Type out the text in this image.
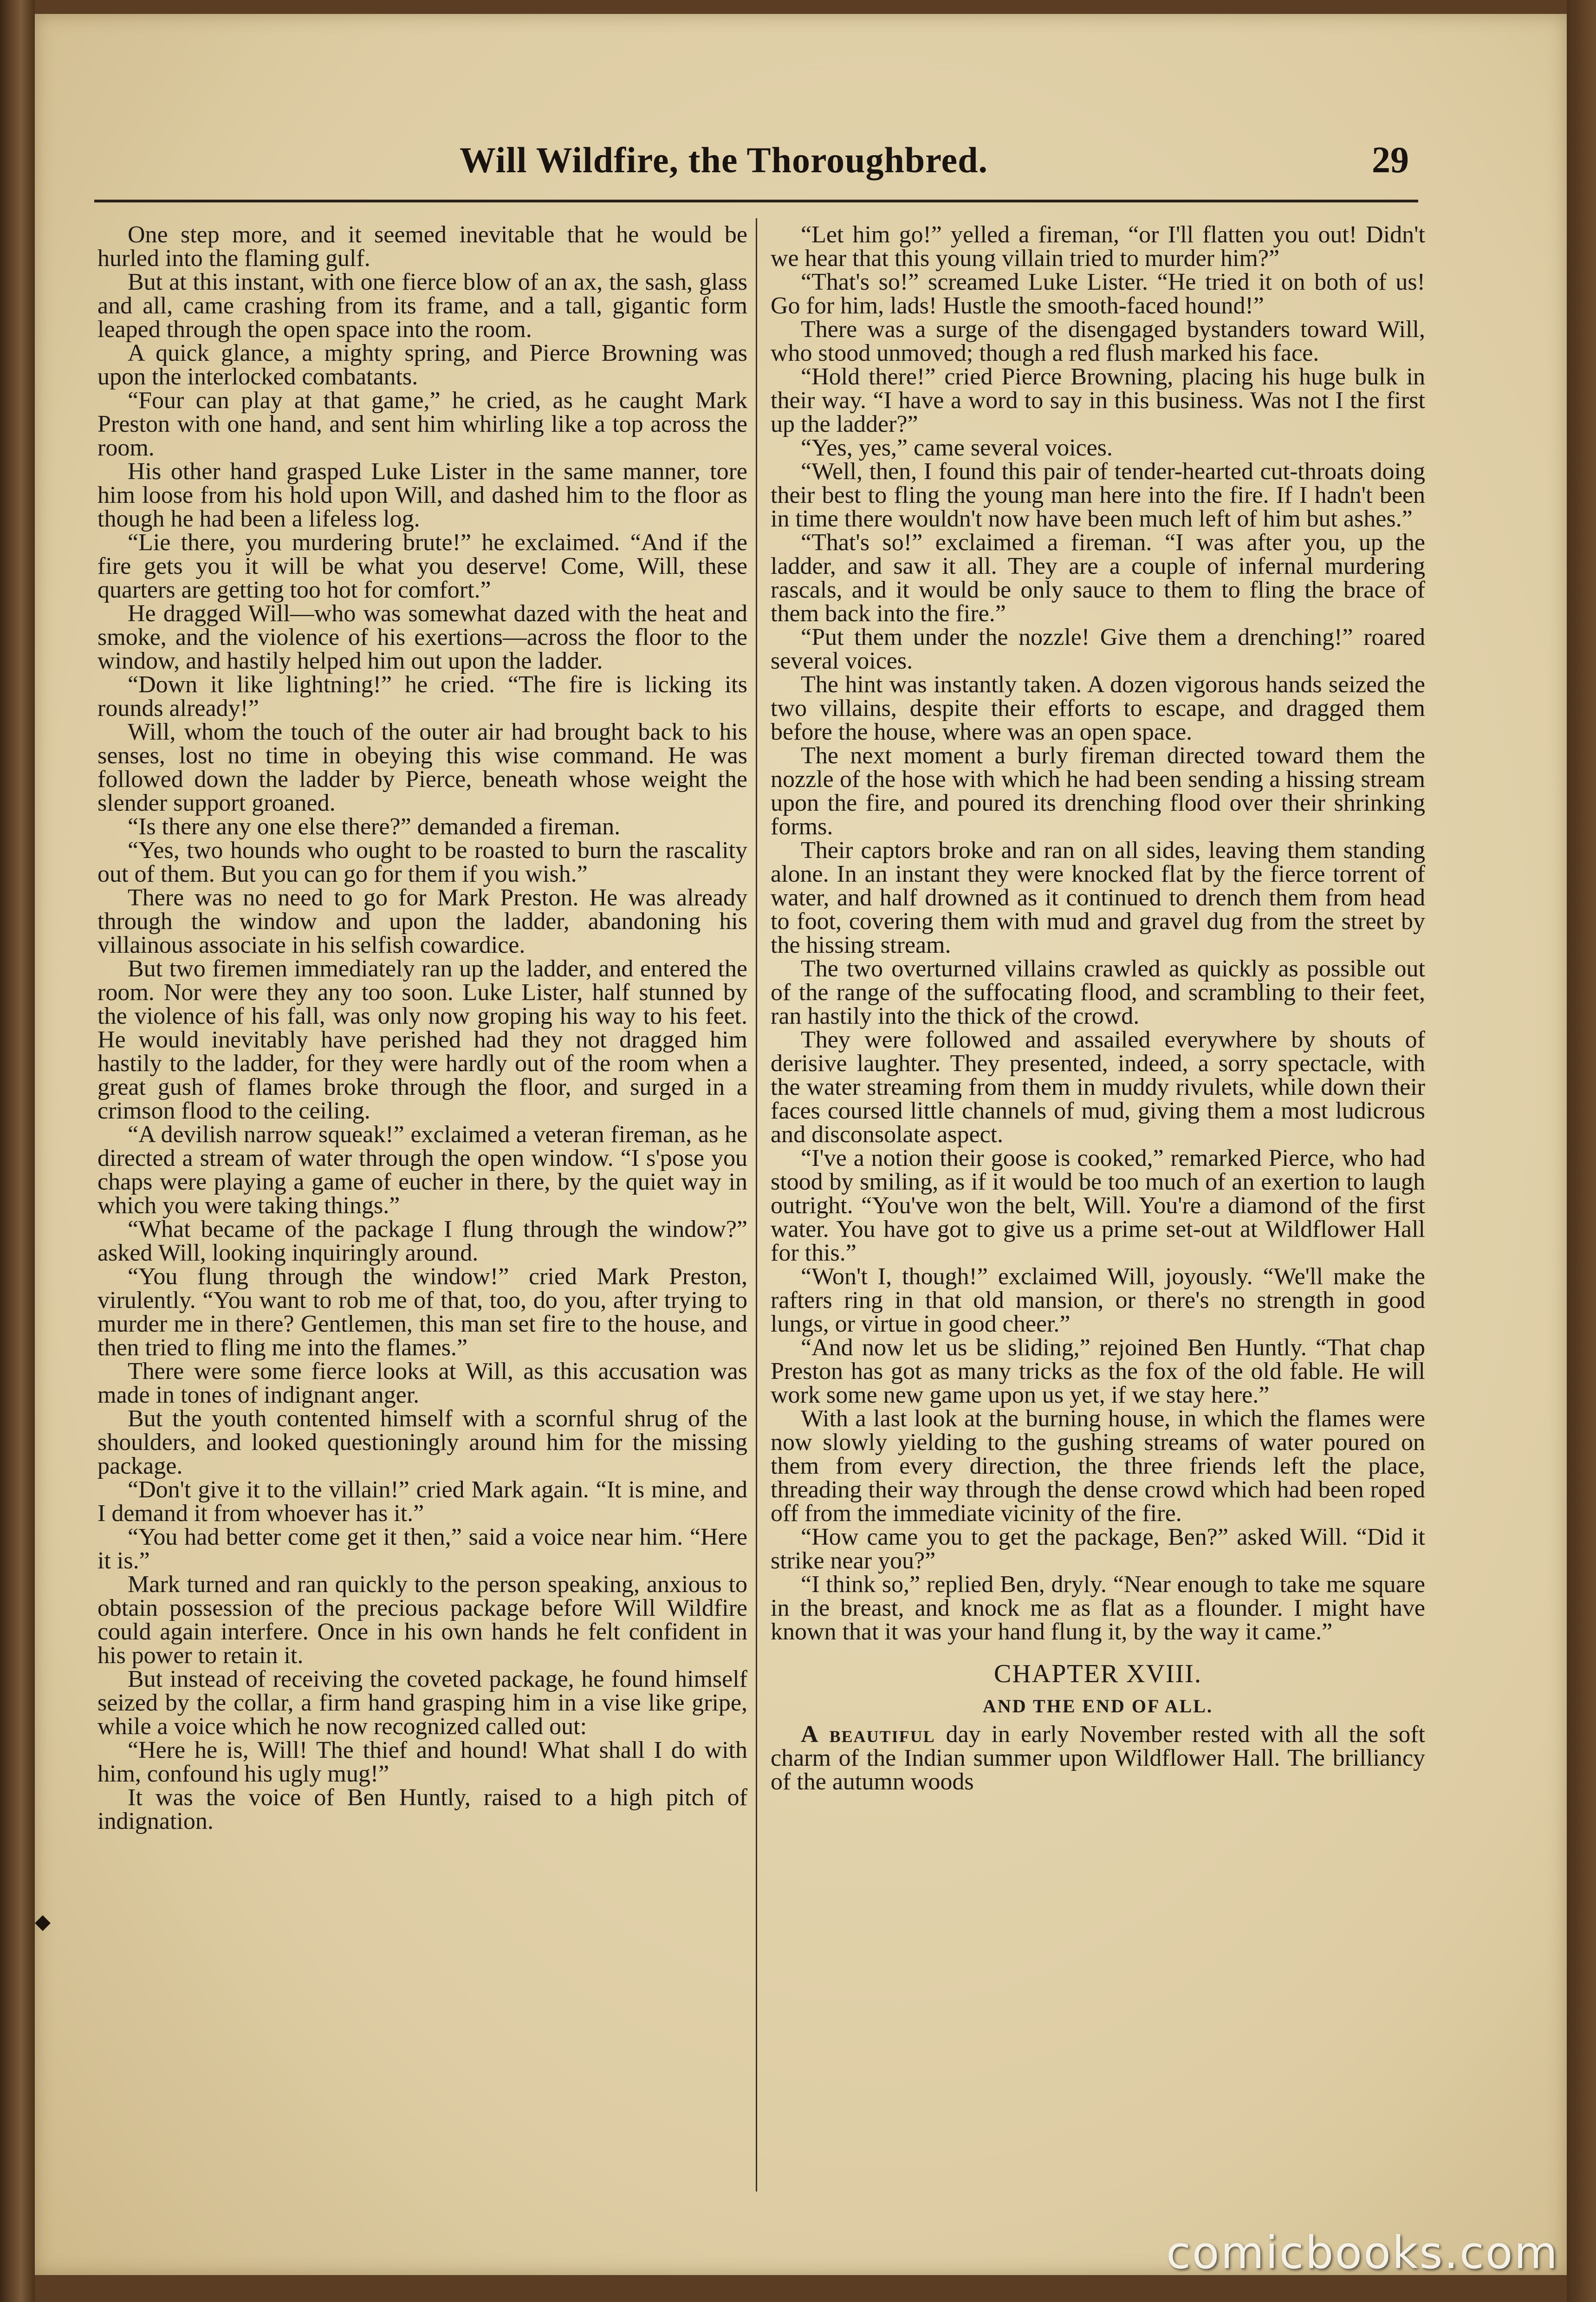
Will Wildfire, the Thoroughbred.	29

One step more, and it seemed inevitable that he would be hurled into the flaming gulf.

But at this instant, with one fierce blow of an ax, the sash, glass and all, came crashing from its frame, and a tall, gigantic form leaped through the open space into the room.

A quick glance, a mighty spring, and Pierce Browning was upon the interlocked combatants.

“Four can play at that game,” he cried, as he caught Mark Preston with one hand, and sent him whirling like a top across the room.

His other hand grasped Luke Lister in the same manner, tore him loose from his hold upon Will, and dashed him to the floor as though he had been a lifeless log.

“Lie there, you murdering brute!” he exclaimed. “And if the fire gets you it will be what you deserve! Come, Will, these quarters are getting too hot for comfort.”

He dragged Will—who was somewhat dazed with the heat and smoke, and the violence of his exertions—across the floor to the window, and hastily helped him out upon the ladder.

“Down it like lightning!” he cried. “The fire is licking its rounds already!”

Will, whom the touch of the outer air had brought back to his senses, lost no time in obeying this wise command. He was followed down the ladder by Pierce, beneath whose weight the slender support groaned.

“Is there any one else there?” demanded a fireman.

“Yes, two hounds who ought to be roasted to burn the rascality out of them. But you can go for them if you wish.”

There was no need to go for Mark Preston. He was already through the window and upon the ladder, abandoning his villainous associate in his selfish cowardice.

But two firemen immediately ran up the ladder, and entered the room. Nor were they any too soon. Luke Lister, half stunned by the violence of his fall, was only now groping his way to his feet. He would inevitably have perished had they not dragged him hastily to the ladder, for they were hardly out of the room when a great gush of flames broke through the floor, and surged in a crimson flood to the ceiling.

“A devilish narrow squeak!” exclaimed a veteran fireman, as he directed a stream of water through the open window. “I s'pose you chaps were playing a game of eucher in there, by the quiet way in which you were taking things.”

“What became of the package I flung through the window?” asked Will, looking inquiringly around.

“You flung through the window!” cried Mark Preston, virulently. “You want to rob me of that, too, do you, after trying to murder me in there? Gentlemen, this man set fire to the house, and then tried to fling me into the flames.”

There were some fierce looks at Will, as this accusation was made in tones of indignant anger.

But the youth contented himself with a scornful shrug of the shoulders, and looked questioningly around him for the missing package.

“Don't give it to the villain!” cried Mark again. “It is mine, and I demand it from whoever has it.”

“You had better come get it then,” said a voice near him. “Here it is.”

Mark turned and ran quickly to the person speaking, anxious to obtain possession of the precious package before Will Wildfire could again interfere. Once in his own hands he felt confident in his power to retain it.

But instead of receiving the coveted package, he found himself seized by the collar, a firm hand grasping him in a vise like gripe, while a voice which he now recognized called out:

“Here he is, Will! The thief and hound! What shall I do with him, confound his ugly mug!”

It was the voice of Ben Huntly, raised to a high pitch of indignation.

“Let him go!” yelled a fireman, “or I'll flatten you out! Didn't we hear that this young villain tried to murder him?”

“That's so!” screamed Luke Lister. “He tried it on both of us! Go for him, lads! Hustle the smooth-faced hound!”

There was a surge of the disengaged bystanders toward Will, who stood unmoved; though a red flush marked his face.

“Hold there!” cried Pierce Browning, placing his huge bulk in their way. “I have a word to say in this business. Was not I the first up the ladder?”

“Yes, yes,” came several voices.

“Well, then, I found this pair of tender-hearted cut-throats doing their best to fling the young man here into the fire. If I hadn't been in time there wouldn't now have been much left of him but ashes.”

“That's so!” exclaimed a fireman. “I was after you, up the ladder, and saw it all. They are a couple of infernal murdering rascals, and it would be only sauce to them to fling the brace of them back into the fire.”

“Put them under the nozzle! Give them a drenching!” roared several voices.

The hint was instantly taken. A dozen vigorous hands seized the two villains, despite their efforts to escape, and dragged them before the house, where was an open space.

The next moment a burly fireman directed toward them the nozzle of the hose with which he had been sending a hissing stream upon the fire, and poured its drenching flood over their shrinking forms.

Their captors broke and ran on all sides, leaving them standing alone. In an instant they were knocked flat by the fierce torrent of water, and half drowned as it continued to drench them from head to foot, covering them with mud and gravel dug from the street by the hissing stream.

The two overturned villains crawled as quickly as possible out of the range of the suffocating flood, and scrambling to their feet, ran hastily into the thick of the crowd.

They were followed and assailed everywhere by shouts of derisive laughter. They presented, indeed, a sorry spectacle, with the water streaming from them in muddy rivulets, while down their faces coursed little channels of mud, giving them a most ludicrous and disconsolate aspect.

“I've a notion their goose is cooked,” remarked Pierce, who had stood by smiling, as if it would be too much of an exertion to laugh outright. “You've won the belt, Will. You're a diamond of the first water. You have got to give us a prime set-out at Wildflower Hall for this.”

“Won't I, though!” exclaimed Will, joyously. “We'll make the rafters ring in that old mansion, or there's no strength in good lungs, or virtue in good cheer.”

“And now let us be sliding,” rejoined Ben Huntly. “That chap Preston has got as many tricks as the fox of the old fable. He will work some new game upon us yet, if we stay here.”

With a last look at the burning house, in which the flames were now slowly yielding to the gushing streams of water poured on them from every direction, the three friends left the place, threading their way through the dense crowd which had been roped off from the immediate vicinity of the fire.

“How came you to get the package, Ben?” asked Will. “Did it strike near you?”

“I think so,” replied Ben, dryly. “Near enough to take me square in the breast, and knock me as flat as a flounder. I might have known that it was your hand flung it, by the way it came.”

CHAPTER XVIII.

AND THE END OF ALL.

A beautiful day in early November rested with all the soft charm of the Indian summer upon Wildflower Hall. The brilliancy of the autumn woods

comicbooks.com
